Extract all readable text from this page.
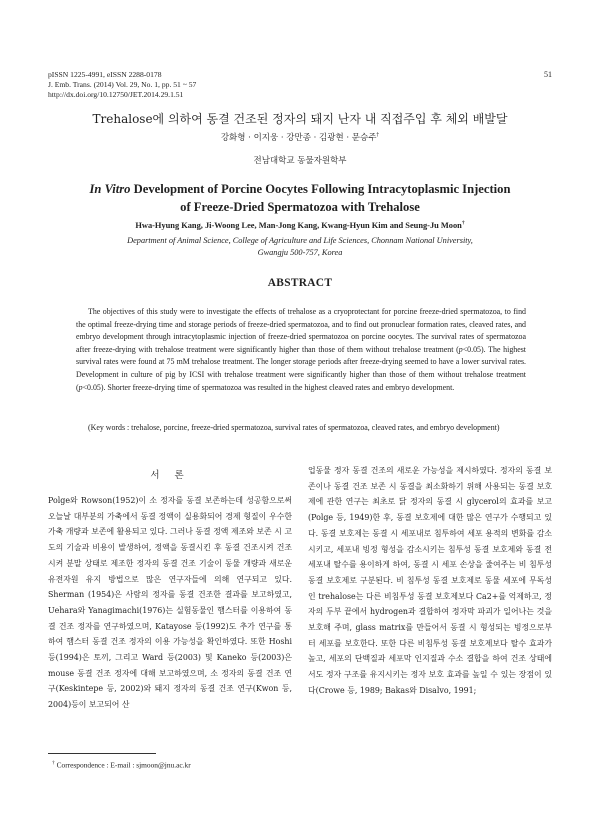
pISSN 1225-4991, eISSN 2288-0178
J. Emb. Trans. (2014) Vol. 29, No. 1, pp. 51 ~ 57
http://dx.doi.org/10.12750/JET.2014.29.1.51
51
Trehalose에 의하여 동결 건조된 정자의 돼지 난자 내 직접주입 후 체외 배발달
강화형 · 이지웅 · 강만종 · 김광현 · 문승주†
전남대학교 동물자원학부
In Vitro Development of Porcine Oocytes Following Intracytoplasmic Injection
of Freeze-Dried Spermatozoa with Trehalose
Hwa-Hyung Kang, Ji-Woong Lee, Man-Jong Kang, Kwang-Hyun Kim and Seung-Ju Moon†
Department of Animal Science, College of Agriculture and Life Sciences, Chonnam National University,
Gwangju 500-757, Korea
ABSTRACT

The objectives of this study were to investigate the effects of trehalose as a cryoprotectant for porcine freeze-dried spermatozoa, to find the optimal freeze-drying time and storage periods of freeze-dried spermatozoa, and to find out pronuclear formation rates, cleaved rates, and embryo development through intracytoplasmic injection of freeze-dried spermatozoa on porcine oocytes. The survival rates of spermatozoa after freeze-drying with trehalose treatment were significantly higher than those of them without trehalose treatment (p<0.05). The highest survival rates were found at 75 mM trehalose treatment. The longer storage periods after freeze-drying seemed to have a lower survival rates. Development in culture of pig by ICSI with trehalose treatment were significantly higher than those of them without trehalose treatment (p<0.05). Shorter freeze-drying time of spermatozoa was resulted in the highest cleaved rates and embryo development.

(Key words : trehalose, porcine, freeze-dried spermatozoa, survival rates of spermatozoa, cleaved rates, and embryo development)

서 론

Polge와 Rowson(1952)이 소 정자를 동결 보존하는데 성공함으로써 오늘날 대부분의 가축에서 동결 정액이 실용화되어 경제 형질이 우수한 가축 개량과 보존에 활용되고 있다. 그러나 동결 정액 제조와 보존 시 고도의 기술과 비용이 발생하여, 정액을 동결시킨 후 동결 건조시켜 건조시켜 분말 상태로 제조한 정자의 동결 건조 기술이 동물 개량과 새로운 유전자원 유지 방법으로 많은 연구자들에 의해 연구되고 있다. Sherman (1954)은 사람의 정자를 동결 건조한 결과를 보고하였고, Uehara와 Yanagimachi(1976)는 실험동물인 햄스터를 이용하여 동결 건조 정자를 연구하였으며, Katayose 등(1992)도 추가 연구를 통하여 햄스터 동결 건조 정자의 이용 가능성을 확인하였다. 또한 Hoshi 등(1994)은 토끼, 그리고 Ward 등(2003) 및 Kaneko 등(2003)은 mouse 동결 건조 정자에 대해 보고하였으며, 소 정자의 동결 건조 연구(Keskintepe 등, 2002)와 돼지 정자의 동결 건조 연구(Kwon 등, 2004)등이 보고되어 산

업동물 정자 동결 건조의 새로운 가능성을 제시하였다. 정자의 동결 보존이나 동결 건조 보존 시 동결을 최소화하기 위해 사용되는 동결 보호제에 관한 연구는 최초로 닭 정자의 동결 시 glycerol의 효과를 보고(Polge 등, 1949)한 후, 동결 보호제에 대한 많은 연구가 수행되고 있다. 동결 보호제는 동결 시 세포내로 침투하여 세포 용적의 변화를 감소시키고, 세포내 빙정 형성을 감소시키는 침투성 동결 보호제와 동결 전 세포내 탈수를 용이하게 하여, 동결 시 세포 손상을 줄여주는 비 침투성 동결 보호제로 구분된다. 비 침투성 동결 보호제로 동물 세포에 무독성인 trehalose는 다른 비침투성 동결 보호제보다 Ca2+를 억제하고, 정자의 두부 끝에서 hydrogen과 결합하여 정자막 파괴가 일어나는 것을 보호해 주며, glass matrix를 만들어서 동결 시 형성되는 빙정으로부터 세포를 보호한다. 또한 다른 비침투성 동결 보호제보다 탈수 효과가 높고, 세포의 단백질과 세포막 인지질과 수소 결합을 하여 건조 상태에서도 정자 구조를 유지시키는 정자 보호 효과를 높일 수 있는 장점이 있다(Crowe 등, 1989; Bakas와 Disalvo, 1991;

† Correspondence : E-mail : sjmoon@jnu.ac.kr
